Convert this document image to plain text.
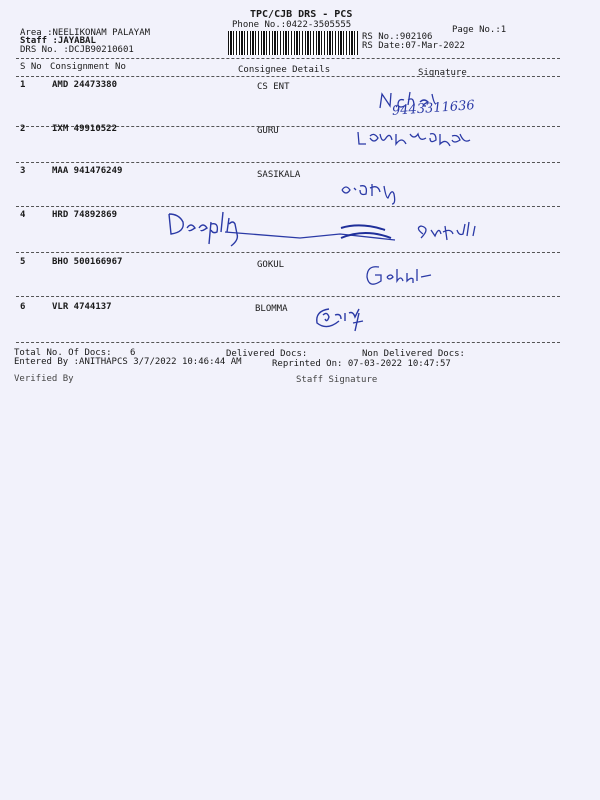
Area :NEELIKONAM PALAYAM
Staff :JAYABAL
DRS No. :DCJB90210601
TPC/CJB DRS - PCS
Phone No.:0422-3505555	Page No.:1
RS No.:902106
RS Date:07-Mar-2022
S No Consignment No	Consignee Details	Signature
1	AMD 24473380	CS ENT
9443311636
2	IXM 49910522	GURU
3	MAA 941476249	SASIKALA
4	HRD 74892869
5	BHO 500166967	GOKUL
6	VLR 4744137	BLOMMA
Total No. Of Docs: 6	Delivered Docs:	Non Delivered Docs:
Entered By :ANITHAPCS 3/7/2022 10:46:44 AM	Reprinted On: 07-03-2022 10:47:57
Verified By	Staff Signature
